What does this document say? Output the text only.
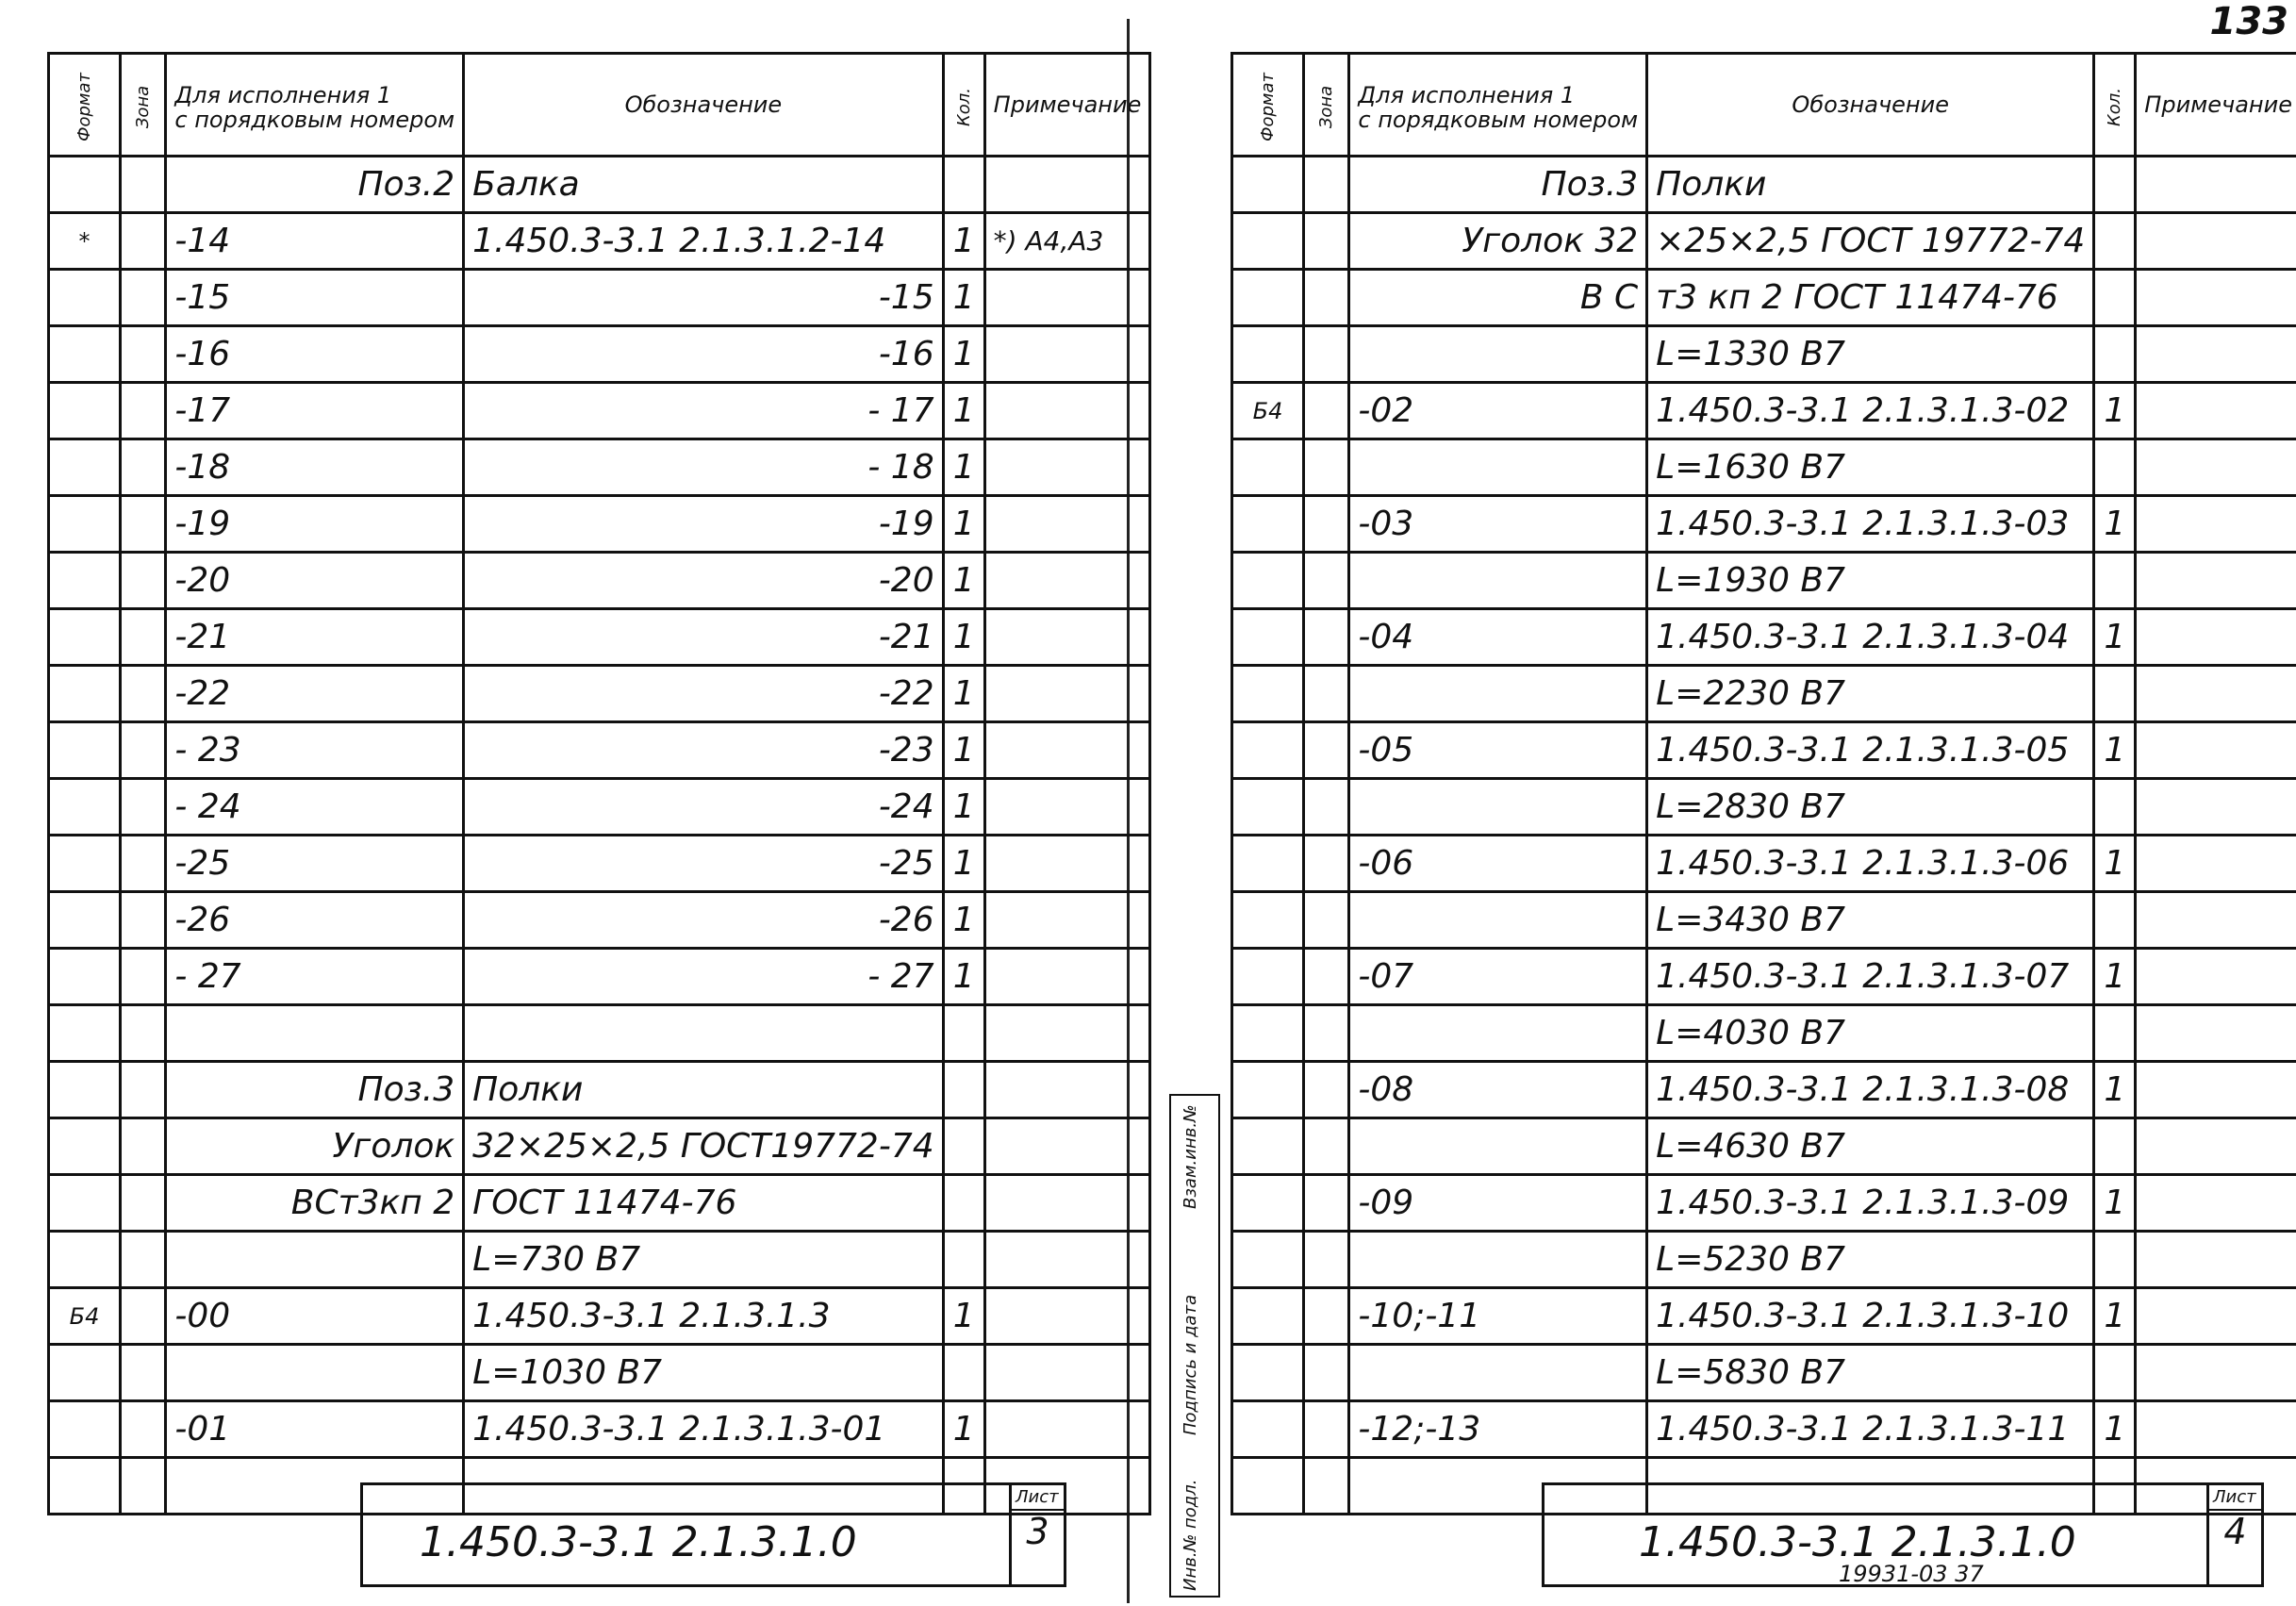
Формат	Зона	Для исполнения 1
с порядковым номером	Обозначение	Кол.	Примечание
		Поз.2	Балка		
*		-14	1.450.3-3.1 2.1.3.1.2-14	1	*) А4,А3
		-15	-15	1	
		-16	-16	1	
		-17	- 17	1	
		-18	- 18	1	
		-19	-19	1	
		-20	-20	1	
		-21	-21	1	
		-22	-22	1	
		- 23	-23	1	
		- 24	-24	1	
		-25	-25	1	
		-26	-26	1	
		- 27	- 27	1	

		Поз.3	Полки		
		Уголок	32×25×2,5 ГОСТ19772-74		
		ВСт3кп 2	ГОСТ 11474-76		
			L=730 В7		
Б4		-00	1.450.3-3.1 2.1.3.1.3	1	
			L=1030 В7		
		-01	1.450.3-3.1 2.1.3.1.3-01	1	

1.450.3-3.1 2.1.3.1.0
Лист
3
133
Формат	Зона	Для исполнения 1
с порядковым номером	Обозначение	Кол.	Примечание
		Поз.3	Полки		
		Уголок 32	×25×2,5 ГОСТ 19772-74		
		В С	т3 кп 2 ГОСТ 11474-76		
			L=1330 В7		
Б4		-02	1.450.3-3.1 2.1.3.1.3-02	1	
			L=1630 В7		
		-03	1.450.3-3.1 2.1.3.1.3-03	1	
			L=1930 В7		
		-04	1.450.3-3.1 2.1.3.1.3-04	1	
			L=2230 В7		
		-05	1.450.3-3.1 2.1.3.1.3-05	1	
			L=2830 В7		
		-06	1.450.3-3.1 2.1.3.1.3-06	1	
			L=3430 В7		
		-07	1.450.3-3.1 2.1.3.1.3-07	1	
			L=4030 В7		
		-08	1.450.3-3.1 2.1.3.1.3-08	1	
			L=4630 В7		
		-09	1.450.3-3.1 2.1.3.1.3-09	1	
			L=5230 В7		
		-10;-11	1.450.3-3.1 2.1.3.1.3-10	1	
			L=5830 В7		
		-12;-13	1.450.3-3.1 2.1.3.1.3-11	1	

1.450.3-3.1 2.1.3.1.0
Лист
4
Взам.инв.№
Подпись и дата
Инв.№ подл.	19931-03 37
